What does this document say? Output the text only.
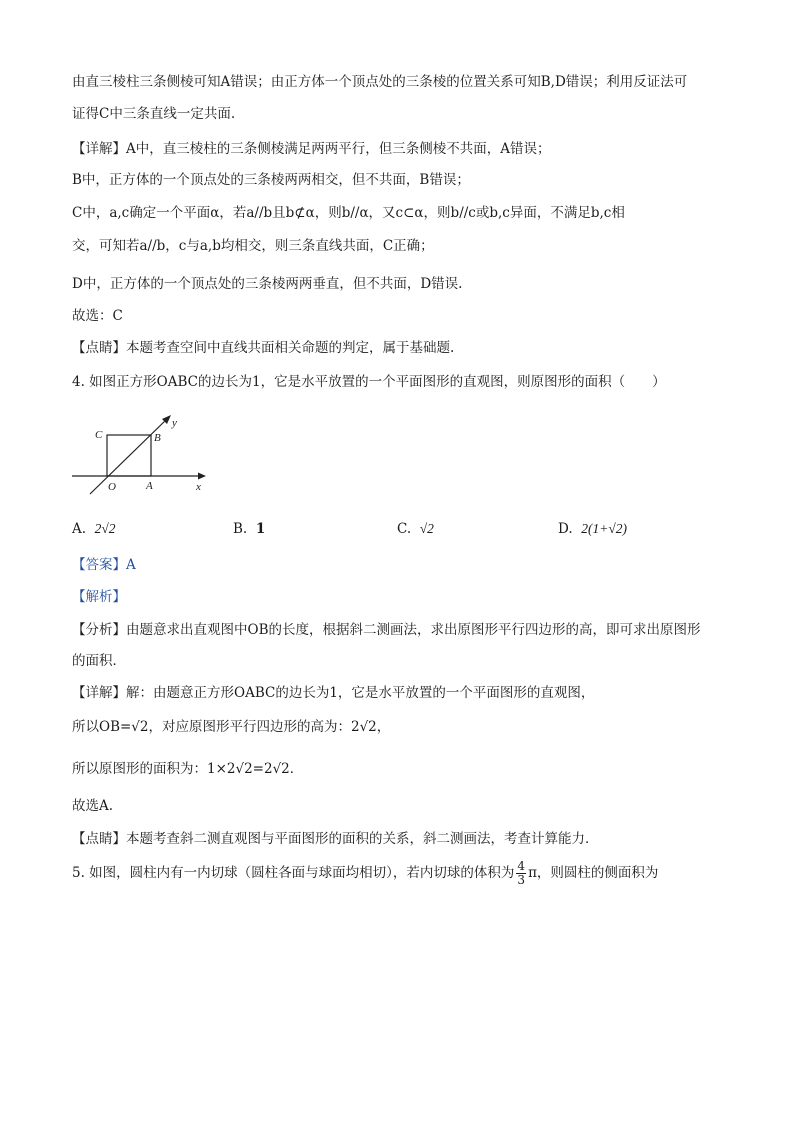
由直三棱柱三条侧棱可知A错误；由正方体一个顶点处的三条棱的位置关系可知B,D错误；利用反证法可
证得C中三条直线一定共面.
【详解】A中，直三棱柱的三条侧棱满足两两平行，但三条侧棱不共面，A错误；
B中，正方体的一个顶点处的三条棱两两相交，但不共面，B错误；
C中，a,c确定一个平面α，若a//b且b⊄α，则b//α，又c⊂α，则b//c或b,c异面，不满足b,c相
交，可知若a//b，c与a,b均相交，则三条直线共面，C正确；
D中，正方体的一个顶点处的三条棱两两垂直，但不共面，D错误.
故选：C
【点睛】本题考查空间中直线共面相关命题的判定，属于基础题.
4. 如图正方形OABC的边长为1，它是水平放置的一个平面图形的直观图，则原图形的面积（　　）
C	B
y
O	A	x
A. 2√2	B. 1	C. √2	D. 2(1+√2)
【答案】A
【解析】
【分析】由题意求出直观图中OB的长度，根据斜二测画法，求出原图形平行四边形的高，即可求出原图形
的面积．
【详解】解：由题意正方形OABC的边长为1，它是水平放置的一个平面图形的直观图，
所以OB=√2，对应原图形平行四边形的高为：2√2，
所以原图形的面积为：1×2√2=2√2．
故选A.
【点睛】本题考查斜二测直观图与平面图形的面积的关系，斜二测画法，考查计算能力．
5. 如图，圆柱内有一内切球（圆柱各面与球面均相切），若内切球的体积为 $\frac{4}{3}$ π，则圆柱的侧面积为
